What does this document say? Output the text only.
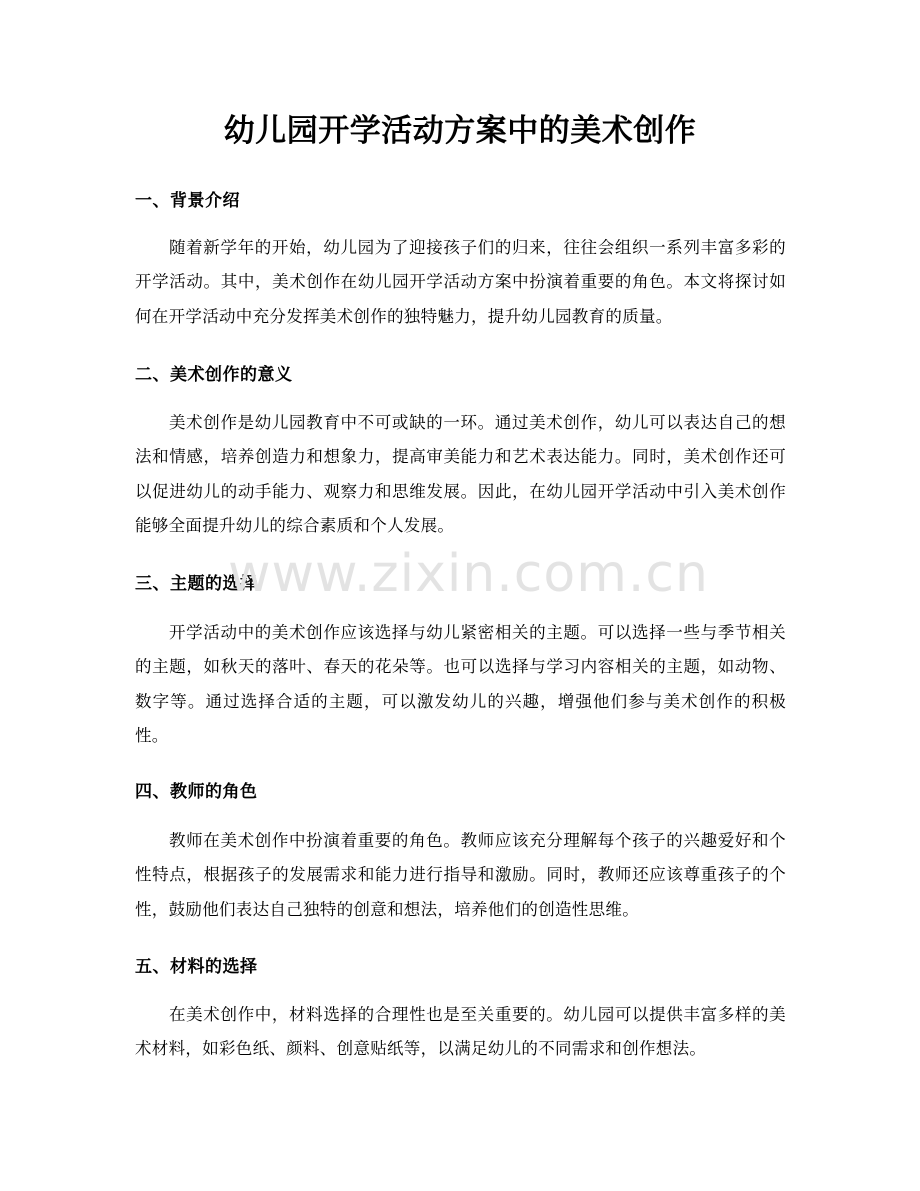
幼儿园开学活动方案中的美术创作
一、背景介绍
随着新学年的开始，幼儿园为了迎接孩子们的归来，往往会组织一系列丰富多彩的开学活动。其中，美术创作在幼儿园开学活动方案中扮演着重要的角色。本文将探讨如何在开学活动中充分发挥美术创作的独特魅力，提升幼儿园教育的质量。
二、美术创作的意义
美术创作是幼儿园教育中不可或缺的一环。通过美术创作，幼儿可以表达自己的想法和情感，培养创造力和想象力，提高审美能力和艺术表达能力。同时，美术创作还可以促进幼儿的动手能力、观察力和思维发展。因此，在幼儿园开学活动中引入美术创作能够全面提升幼儿的综合素质和个人发展。
三、主题的选择
开学活动中的美术创作应该选择与幼儿紧密相关的主题。可以选择一些与季节相关的主题，如秋天的落叶、春天的花朵等。也可以选择与学习内容相关的主题，如动物、数字等。通过选择合适的主题，可以激发幼儿的兴趣，增强他们参与美术创作的积极性。
四、教师的角色
教师在美术创作中扮演着重要的角色。教师应该充分理解每个孩子的兴趣爱好和个性特点，根据孩子的发展需求和能力进行指导和激励。同时，教师还应该尊重孩子的个性，鼓励他们表达自己独特的创意和想法，培养他们的创造性思维。
五、材料的选择
在美术创作中，材料选择的合理性也是至关重要的。幼儿园可以提供丰富多样的美术材料，如彩色纸、颜料、创意贴纸等，以满足幼儿的不同需求和创作想法。
www.zixin.com.cn
